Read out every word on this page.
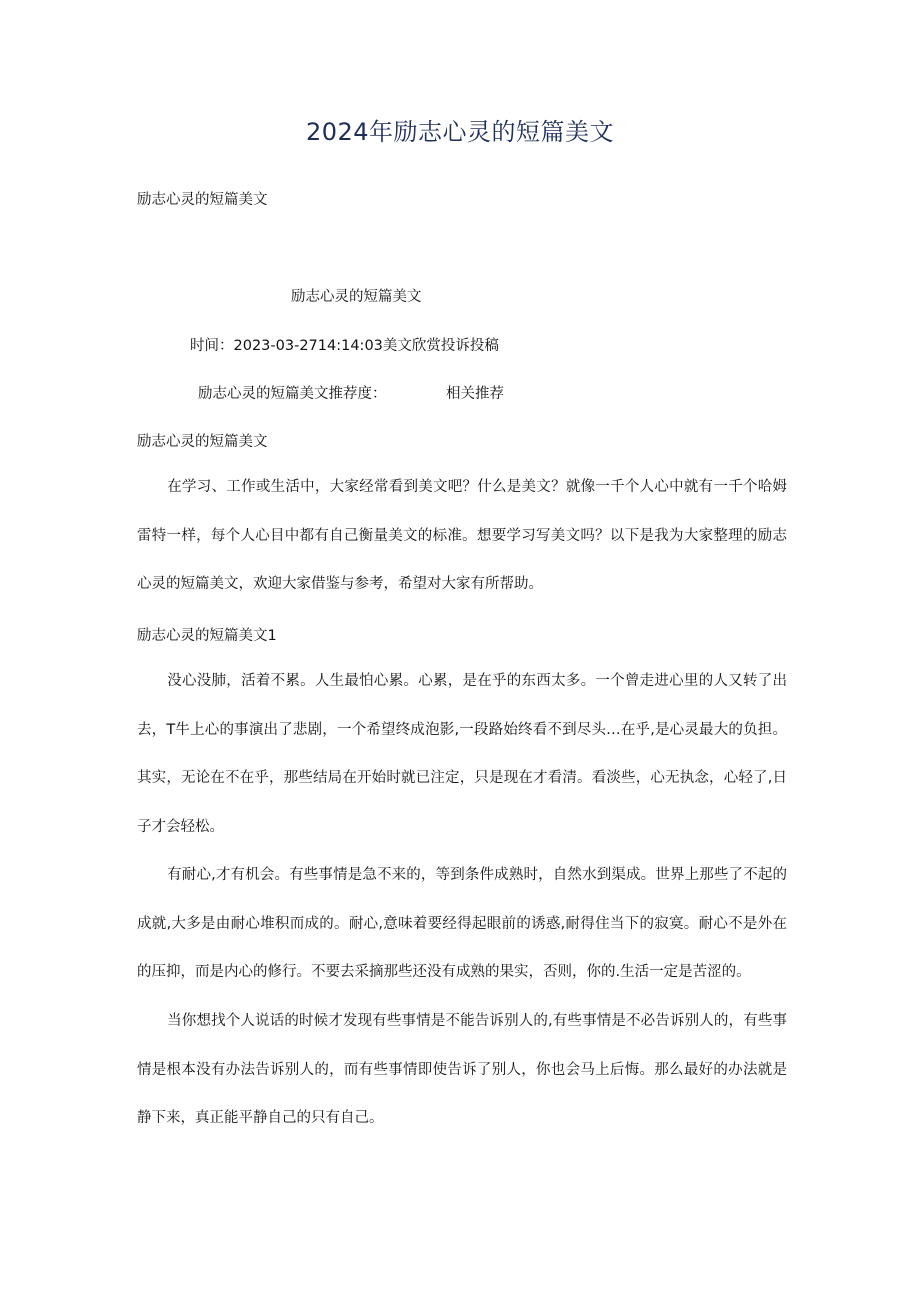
2024年励志心灵的短篇美文
励志心灵的短篇美文
励志心灵的短篇美文
时间：2023-03-2714:14:03美文欣赏投诉投稿
励志心灵的短篇美文推荐度：	相关推荐
励志心灵的短篇美文

在学习、工作或生活中，大家经常看到美文吧？什么是美文？就像一千个人心中就有一千个哈姆雷特一样，每个人心目中都有自己衡量美文的标准。想要学习写美文吗？以下是我为大家整理的励志心灵的短篇美文，欢迎大家借鉴与参考，希望对大家有所帮助。

励志心灵的短篇美文1

没心没肺，活着不累。人生最怕心累。心累，是在乎的东西太多。一个曾走进心里的人又转了出去，T牛上心的事演出了悲剧，一个希望终成泡影,一段路始终看不到尽头…在乎,是心灵最大的负担。其实，无论在不在乎，那些结局在开始时就已注定，只是现在才看清。看淡些，心无执念，心轻了,日子才会轻松。

有耐心,才有机会。有些事情是急不来的，等到条件成熟时，自然水到渠成。世界上那些了不起的成就,大多是由耐心堆积而成的。耐心,意味着要经得起眼前的诱惑,耐得住当下的寂寞。耐心不是外在的压抑，而是内心的修行。不要去采摘那些还没有成熟的果实，否则，你的.生活一定是苦涩的。

当你想找个人说话的时候才发现有些事情是不能告诉别人的,有些事情是不必告诉别人的，有些事情是根本没有办法告诉别人的，而有些事情即使告诉了别人，你也会马上后悔。那么最好的办法就是静下来，真正能平静自己的只有自己。
